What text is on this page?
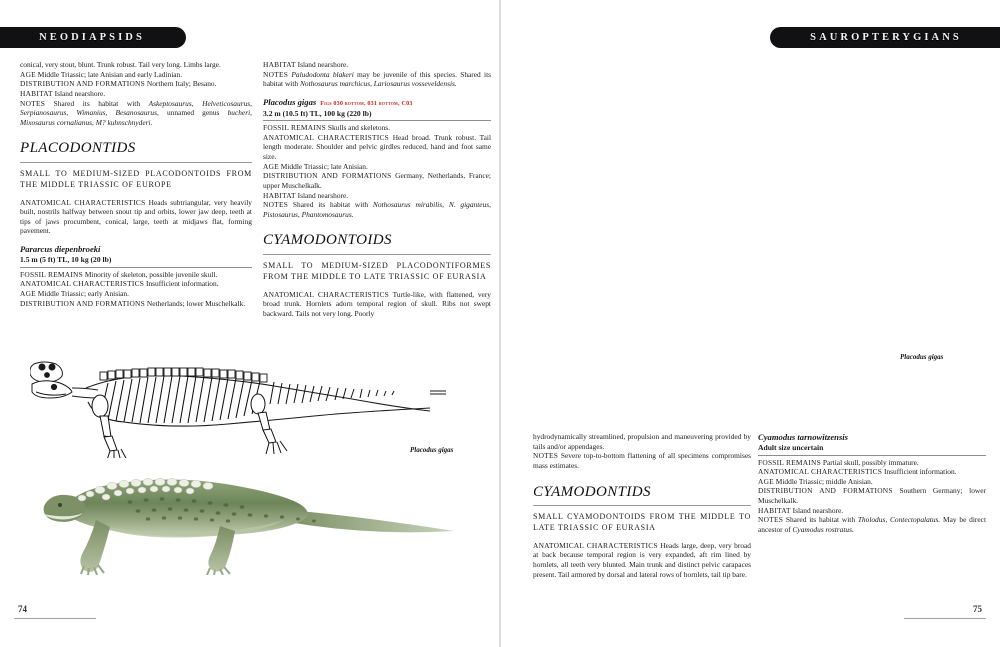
NEODIAPSIDS

conical, very stout, blunt. Trunk robust. Tail very long. Limbs large.

AGE Middle Triassic; late Anisian and early Ladinian.

DISTRIBUTION AND FORMATIONS Northern Italy; Besano.

HABITAT Island nearshore.

NOTES Shared its habitat with Askeptosaurus, Helveticosaurus, Serpianosaurus, Wimanius, Besanosaurus, unnamed genus bucheri, Mixosaurus cornalianus, M? kuhnschnyderi.

PLACODONTIDS
SMALL TO MEDIUM-SIZED PLACODONTOIDS FROM THE MIDDLE TRIASSIC OF EUROPE

ANATOMICAL CHARACTERISTICS Heads subtriangular, very heavily built, nostrils halfway between snout tip and orbits, lower jaw deep, teeth at tips of jaws procumbent, conical, large, teeth at midjaws flat, forming pavement.

Pararcus diepenbroeki
1.5 m (5 ft) TL, 10 kg (20 lb)

FOSSIL REMAINS Minority of skeleton, possible juvenile skull.

ANATOMICAL CHARACTERISTICS Insufficient information.

AGE Middle Triassic; early Anisian.

DISTRIBUTION AND FORMATIONS Netherlands; lower Muschelkalk.

HABITAT Island nearshore.

NOTES Paludodonta blakeri may be juvenile of this species. Shared its habitat with Nothosaurus marchicus, Lariosaurus vosseveldensis.

Placodus gigas Figs 030 bottom, 031 bottom, C03
3.2 m (10.5 ft) TL, 100 kg (220 lb)

FOSSIL REMAINS Skulls and skeletons.

ANATOMICAL CHARACTERISTICS Head broad. Trunk robust. Tail length moderate. Shoulder and pelvic girdles reduced, hand and foot same size.

AGE Middle Triassic; late Anisian.

DISTRIBUTION AND FORMATIONS Germany, Netherlands, France; upper Muschelkalk.

HABITAT Island nearshore.

NOTES Shared its habitat with Nothosaurus mirabilis, N. giganteus, Pistosaurus, Phantomosaurus.

CYAMODONTOIDS
SMALL TO MEDIUM-SIZED PLACODONTIFORMES FROM THE MIDDLE TO LATE TRIASSIC OF EURASIA

ANATOMICAL CHARACTERISTICS Turtle-like, with flattened, very broad trunk. Hornlets adorn temporal region of skull. Ribs not swept backward. Tails not very long. Poorly

Placodus gigas
74
SAUROPTERYGIANS

Placodus gigas

hydrodynamically streamlined, propulsion and maneuvering provided by tails and/or appendages.

NOTES Severe top-to-bottom flattening of all specimens compromises mass estimates.

CYAMODONTIDS
SMALL CYAMODONTOIDS FROM THE MIDDLE TO LATE TRIASSIC OF EURASIA

ANATOMICAL CHARACTERISTICS Heads large, deep, very broad at back because temporal region is very expanded, aft rim lined by hornlets, all teeth very blunted. Main trunk and distinct pelvic carapaces present. Tail armored by dorsal and lateral rows of hornlets, tail tip bare.

Cyamodus tarnowitzensis
Adult size uncertain

FOSSIL REMAINS Partial skull, possibly immature.

ANATOMICAL CHARACTERISTICS Insufficient information.

AGE Middle Triassic; middle Anisian.

DISTRIBUTION AND FORMATIONS Southern Germany; lower Muschelkalk.

HABITAT Island nearshore.

NOTES Shared its habitat with Tholodus, Contectopalatus. May be direct ancestor of Cyamodus rostratus.

75
